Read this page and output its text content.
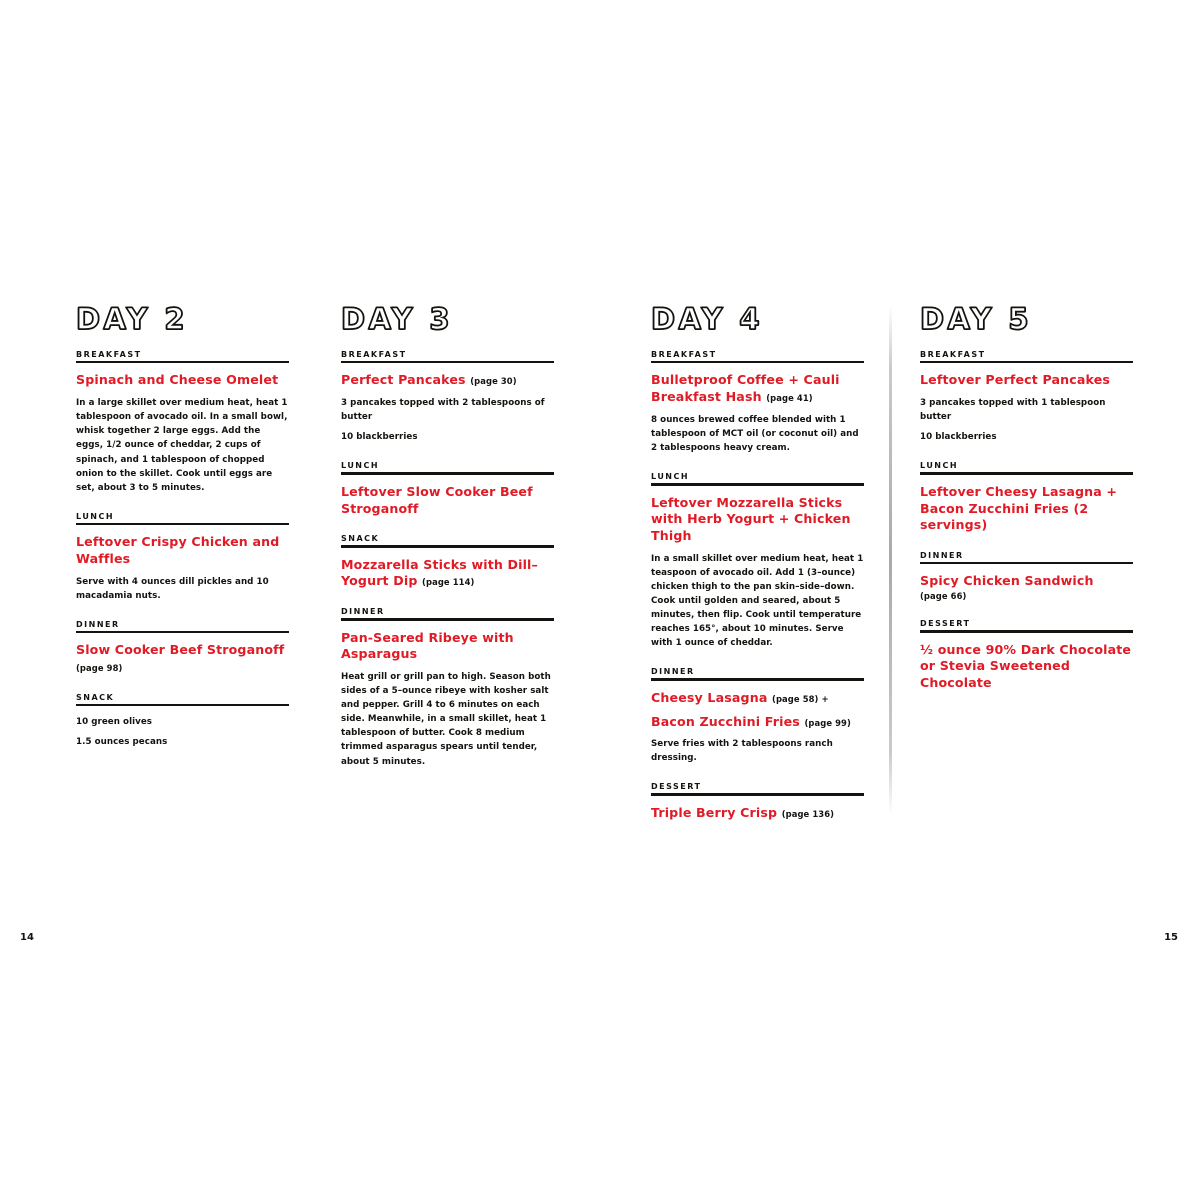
DAY 2
BREAKFAST
Spinach and Cheese Omelet
In a large skillet over medium heat, heat 1 tablespoon of avocado oil. In a small bowl, whisk together 2 large eggs. Add the eggs, 1/2 ounce of cheddar, 2 cups of spinach, and 1 tablespoon of chopped onion to the skillet. Cook until eggs are set, about 3 to 5 minutes.
LUNCH
Leftover Crispy Chicken and Waffles
Serve with 4 ounces dill pickles and 10 macadamia nuts.
DINNER
Slow Cooker Beef Stroganoff (page 98)
SNACK
10 green olives
1.5 ounces pecans
DAY 3
BREAKFAST
Perfect Pancakes (page 30)
3 pancakes topped with 2 tablespoons of butter
10 blackberries
LUNCH
Leftover Slow Cooker Beef Stroganoff
SNACK
Mozzarella Sticks with Dill–Yogurt Dip (page 114)
DINNER
Pan-Seared Ribeye with Asparagus
Heat grill or grill pan to high. Season both sides of a 5–ounce ribeye with kosher salt and pepper. Grill 4 to 6 minutes on each side. Meanwhile, in a small skillet, heat 1 tablespoon of butter. Cook 8 medium trimmed asparagus spears until tender, about 5 minutes.
DAY 4
BREAKFAST
Bulletproof Coffee + Cauli Breakfast Hash (page 41)
8 ounces brewed coffee blended with 1 tablespoon of MCT oil (or coconut oil) and 2 tablespoons heavy cream.
LUNCH
Leftover Mozzarella Sticks with Herb Yogurt + Chicken Thigh
In a small skillet over medium heat, heat 1 teaspoon of avocado oil. Add 1 (3–ounce) chicken thigh to the pan skin–side–down. Cook until golden and seared, about 5 minutes, then flip. Cook until temperature reaches 165°, about 10 minutes. Serve with 1 ounce of cheddar.
DINNER
Cheesy Lasagna (page 58) +
Bacon Zucchini Fries (page 99)
Serve fries with 2 tablespoons ranch dressing.
DESSERT
Triple Berry Crisp (page 136)
DAY 5
BREAKFAST
Leftover Perfect Pancakes
3 pancakes topped with 1 tablespoon butter
10 blackberries
LUNCH
Leftover Cheesy Lasagna + Bacon Zucchini Fries (2 servings)
DINNER
Spicy Chicken Sandwich
(page 66)
DESSERT
½ ounce 90% Dark Chocolate or Stevia Sweetened Chocolate
14	15
